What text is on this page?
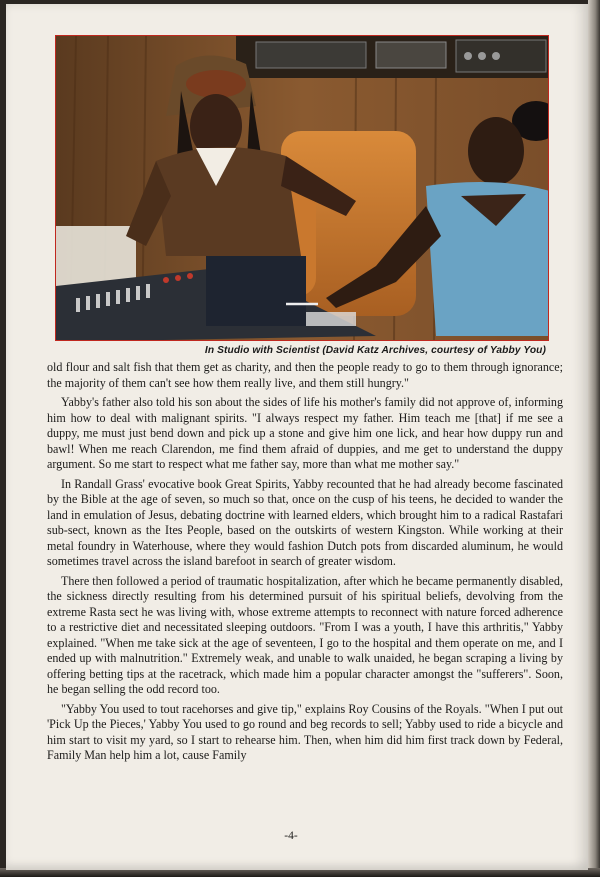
In Studio with Scientist (David Katz Archives, courtesy of Yabby You)

old flour and salt fish that them get as charity, and then the people ready to go to them through ignorance; the majority of them can't see how them really live, and them still hungry."

Yabby's father also told his son about the sides of life his mother's family did not approve of, informing him how to deal with malignant spirits. "I always respect my father. Him teach me [that] if me see a duppy, me must just bend down and pick up a stone and give him one lick, and hear how duppy run and bawl! When me reach Clarendon, me find them afraid of duppies, and me get to understand the duppy argument. So me start to respect what me father say, more than what me mother say."

In Randall Grass' evocative book Great Spirits, Yabby recounted that he had already become fascinated by the Bible at the age of seven, so much so that, once on the cusp of his teens, he decided to wander the land in emulation of Jesus, debating doctrine with learned elders, which brought him to a radical Rastafari sub-sect, known as the Ites People, based on the outskirts of western Kingston. While working at their metal foundry in Waterhouse, where they would fashion Dutch pots from discarded aluminum, he would sometimes travel across the island barefoot in search of greater wisdom.

There then followed a period of traumatic hospitalization, after which he became permanently disabled, the sickness directly resulting from his determined pursuit of his spiritual beliefs, devolving from the extreme Rasta sect he was living with, whose extreme attempts to reconnect with nature forced adherence to a restrictive diet and necessitated sleeping outdoors. "From I was a youth, I have this arthritis," Yabby explained. "When me take sick at the age of seventeen, I go to the hospital and them operate on me, and I ended up with malnutrition." Extremely weak, and unable to walk unaided, he began scraping a living by offering betting tips at the racetrack, which made him a popular character amongst the "sufferers". Soon, he began selling the odd record too.

"Yabby You used to tout racehorses and give tip," explains Roy Cousins of the Royals. "When I put out 'Pick Up the Pieces,' Yabby You used to go round and beg records to sell; Yabby used to ride a bicycle and him start to visit my yard, so I start to rehearse him. Then, when him did him first track down by Federal, Family Man help him a lot, cause Family

-4-
